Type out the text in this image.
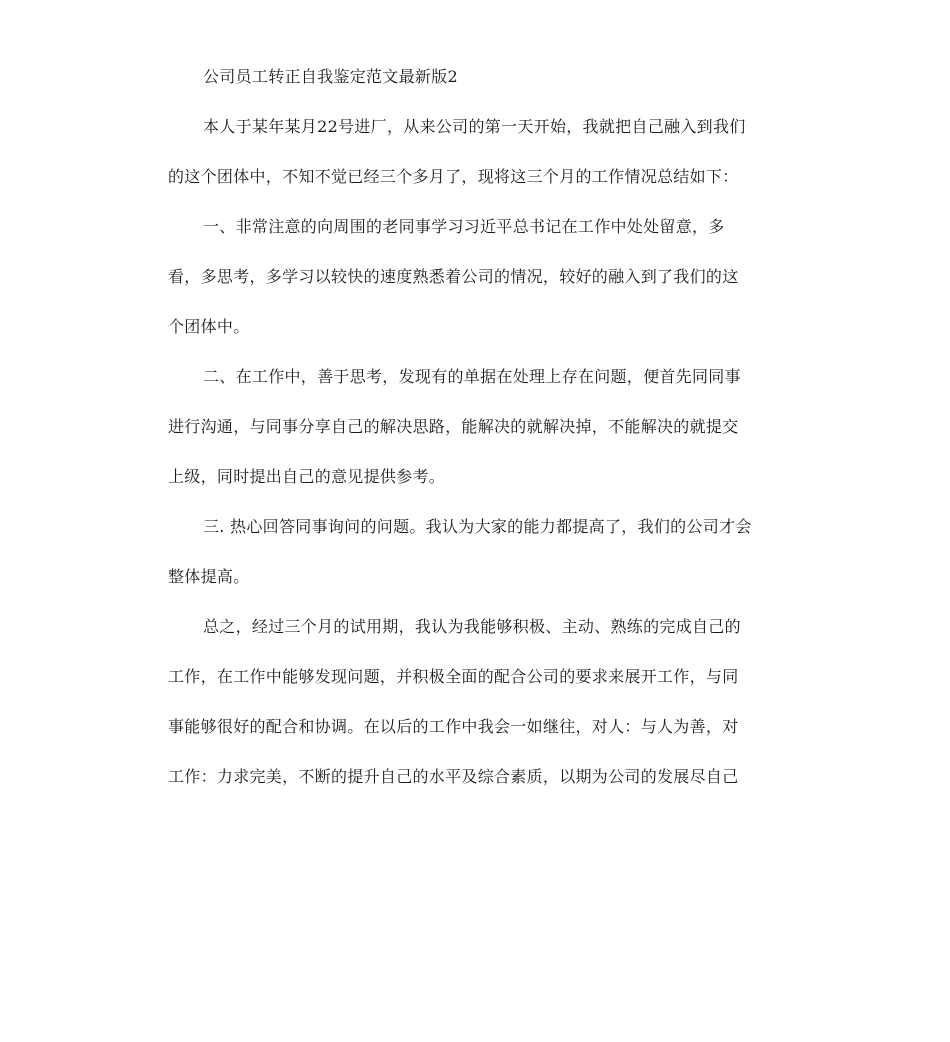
公司员工转正自我鉴定范文最新版2
本人于某年某月22号进厂，从来公司的第一天开始，我就把自己融入到我们
的这个团体中，不知不觉已经三个多月了，现将这三个月的工作情况总结如下：
一、非常注意的向周围的老同事学习习近平总书记在工作中处处留意，多
看，多思考，多学习以较快的速度熟悉着公司的情况，较好的融入到了我们的这
个团体中。
二、在工作中，善于思考，发现有的单据在处理上存在问题，便首先同同事
进行沟通，与同事分享自己的解决思路，能解决的就解决掉，不能解决的就提交
上级，同时提出自己的意见提供参考。
三. 热心回答同事询问的问题。我认为大家的能力都提高了，我们的公司才会
整体提高。
总之，经过三个月的试用期，我认为我能够积极、主动、熟练的完成自己的
工作，在工作中能够发现问题，并积极全面的配合公司的要求来展开工作，与同
事能够很好的配合和协调。在以后的工作中我会一如继往，对人：与人为善，对
工作：力求完美，不断的提升自己的水平及综合素质，以期为公司的发展尽自己
